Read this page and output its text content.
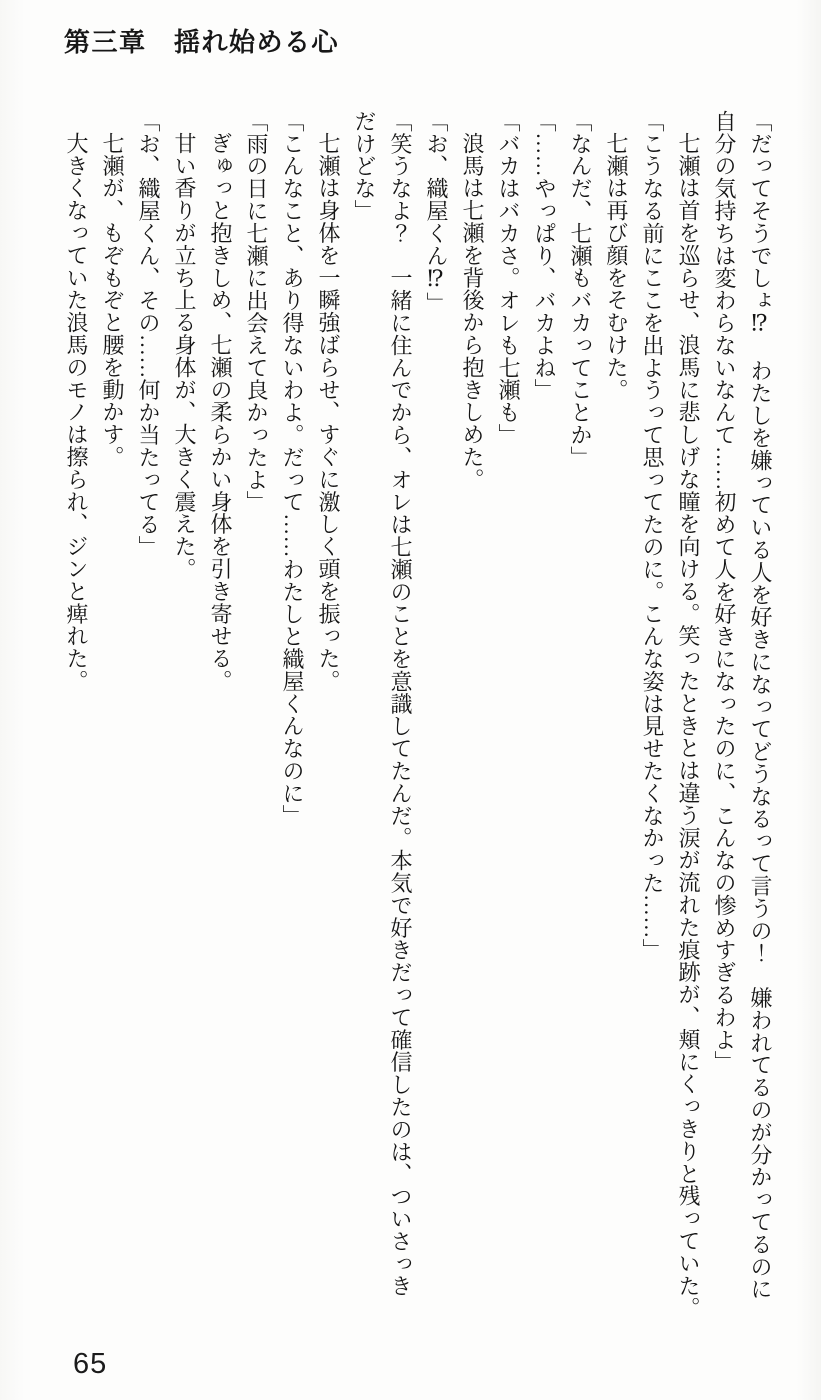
第三章　揺れ始める心
「だってそうでしょ⁉　わたしを嫌っている人を好きになってどうなるって言うの！　嫌われてるのが分かってるのに
自分の気持ちは変わらないなんて……初めて人を好きになったのに、こんなの惨めすぎるわよ」
七瀬は首を巡らせ、浪馬に悲しげな瞳を向ける。笑ったときとは違う涙が流れた痕跡が、頬にくっきりと残っていた。
「こうなる前にここを出ようって思ってたのに。こんな姿は見せたくなかった……」
七瀬は再び顔をそむけた。
「なんだ、七瀬もバカってことか」
「……やっぱり、バカよね」
「バカはバカさ。オレも七瀬も」
浪馬は七瀬を背後から抱きしめた。
「お、織屋くん⁉」
「笑うなよ？　一緒に住んでから、オレは七瀬のことを意識してたんだ。本気で好きだって確信したのは、ついさっき
だけどな」
七瀬は身体を一瞬強ばらせ、すぐに激しく頭を振った。
「こんなこと、あり得ないわよ。だって……わたしと織屋くんなのに」
「雨の日に七瀬に出会えて良かったよ」
ぎゅっと抱きしめ、七瀬の柔らかい身体を引き寄せる。
甘い香りが立ち上る身体が、大きく震えた。
「お、織屋くん、その……何か当たってる」
七瀬が、もぞもぞと腰を動かす。
大きくなっていた浪馬のモノは擦られ、ジンと痺れた。
65
